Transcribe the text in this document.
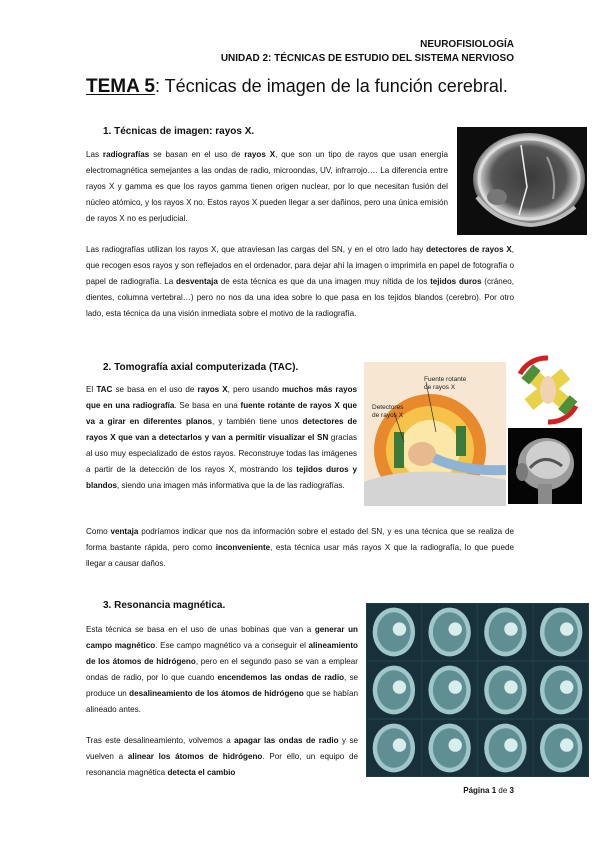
NEUROFISIOLOGÍA
UNIDAD 2: TÉCNICAS DE ESTUDIO DEL SISTEMA NERVIOSO
TEMA 5: Técnicas de imagen de la función cerebral.
1. Técnicas de imagen: rayos X.
Las radiografías se basan en el uso de rayos X, que son un tipo de rayos que usan energía electromagnética semejantes a las ondas de radio, microondas, UV, infrarrojo…. La diferencia entre rayos X y gamma es que los rayos gamma tienen origen nuclear, por lo que necesitan fusión del núcleo atómico, y los rayos X no. Estos rayos X pueden llegar a ser dañinos, pero una única emisión de rayos X no es perjudicial.
Las radiografías utilizan los rayos X, que atraviesan las cargas del SN, y en el otro lado hay detectores de rayos X, que recogen esos rayos y son reflejados en el ordenador, para dejar ahí la imagen o imprimirla en papel de fotografía o papel de radiografía. La desventaja de esta técnica es que da una imagen muy nítida de los tejidos duros (cráneo, dientes, columna vertebral…) pero no nos da una idea sobre lo que pasa en los tejidos blandos (cerebro). Por otro lado, esta técnica da una visión inmediata sobre el motivo de la radiografía.
2. Tomografía axial computerizada (TAC).
El TAC se basa en el uso de rayos X, pero usando muchos más rayos que en una radiografía. Se basa en una fuente rotante de rayos X que va a girar en diferentes planos, y también tiene unos detectores de rayos X que van a detectarlos y van a permitir visualizar el SN gracias al uso muy especializado de estos rayos. Reconstruye todas las imágenes a partir de la detección de los rayos X, mostrando los tejidos duros y blandos, siendo una imagen más informativa que la de las radiografías.
Como ventaja podríamos indicar que nos da información sobre el estado del SN, y es una técnica que se realiza de forma bastante rápida, pero como inconveniente, esta técnica usar más rayos X que la radiografía, lo que puede llegar a causar daños.
Fuente rotante de rayos X
Detectores de rayos X
3. Resonancia magnética.
Esta técnica se basa en el uso de unas bobinas que van a generar un campo magnético. Ese campo magnético va a conseguir el alineamiento de los átomos de hidrógeno, pero en el segundo paso se van a emplear ondas de radio, por lo que cuando encendemos las ondas de radio, se produce un desalineamiento de los átomos de hidrógeno que se habían alineado antes.
Tras este desalineamiento, volvemos a apagar las ondas de radio y se vuelven a alinear los átomos de hidrógeno. Por ello, un equipo de resonancia magnética detecta el cambio
Página 1 de 3
